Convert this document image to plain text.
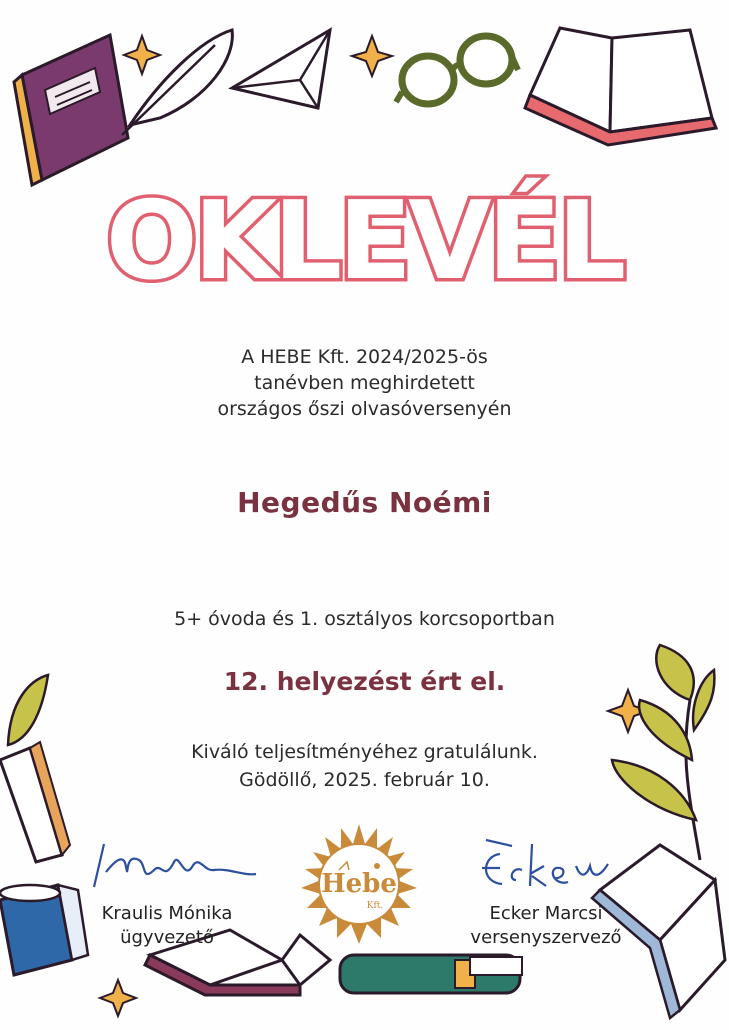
OKLEVÉL
A HEBE Kft. 2024/2025-ös
tanévben meghirdetett
országos őszi olvasóversenyén
Hegedűs Noémi
5+ óvoda és 1. osztályos korcsoportban
12. helyezést ért el.
Kiváló teljesítményéhez gratulálunk.
Gödöllő, 2025. február 10.
Kraulis Mónika
ügyvezető
Hebe
Kft.	Ecker Marcsi
versenyszervező
